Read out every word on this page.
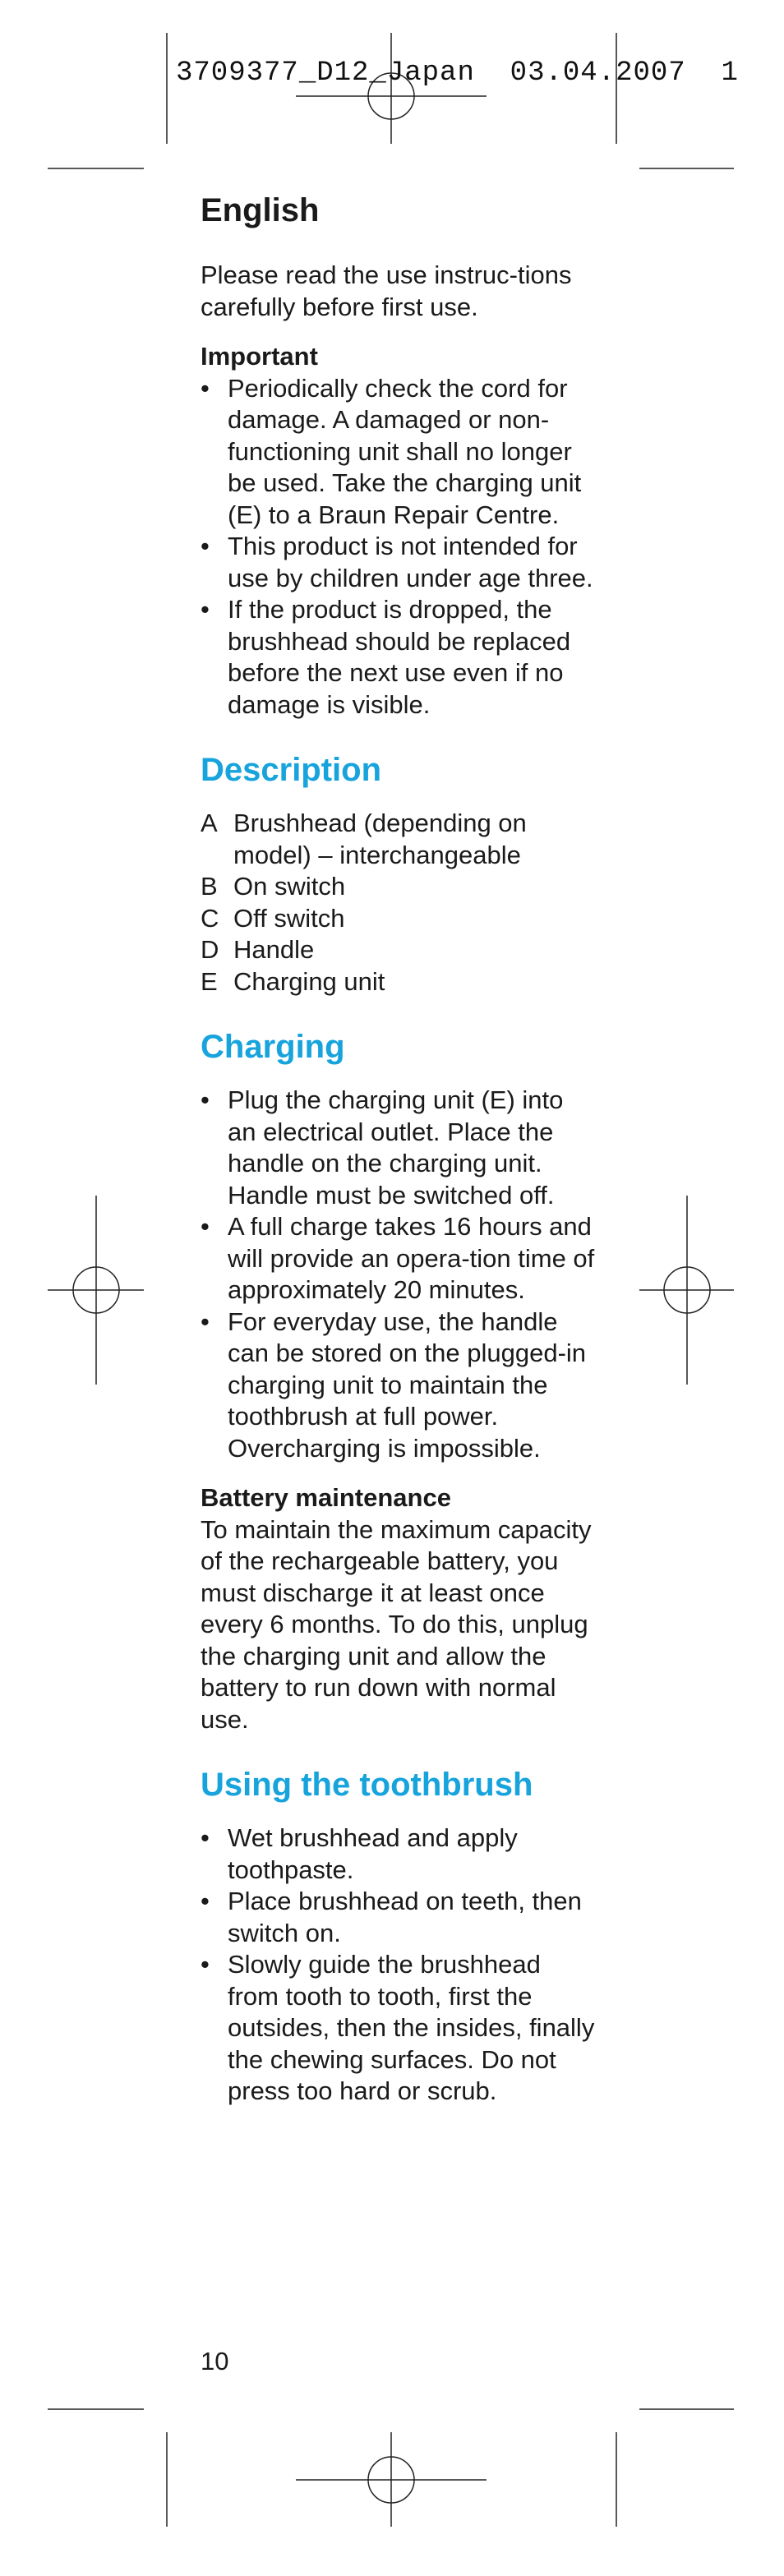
3709377_D12_Japan  03.04.2007  1
English

Please read the use instruc-tions carefully before first use.

Important
• Periodically check the cord for damage. A damaged or non-functioning unit shall no longer be used. Take the charging unit (E) to a Braun Repair Centre.
• This product is not intended for use by children under age three.
• If the product is dropped, the brushhead should be replaced before the next use even if no damage is visible.
Description
A Brushhead (depending on model) – interchangeable
B On switch
C Off switch
D Handle
E Charging unit
Charging
• Plug the charging unit (E) into an electrical outlet. Place the handle on the charging unit. Handle must be switched off.
• A full charge takes 16 hours and will provide an opera-tion time of approximately 20 minutes.
• For everyday use, the handle can be stored on the plugged-in charging unit to maintain the toothbrush at full power. Overcharging is impossible.
Battery maintenance

To maintain the maximum capacity of the rechargeable battery, you must discharge it at least once every 6 months. To do this, unplug the charging unit and allow the battery to run down with normal use.

Using the toothbrush
• Wet brushhead and apply toothpaste.
• Place brushhead on teeth, then switch on.
• Slowly guide the brushhead from tooth to tooth, first the outsides, then the insides, finally the chewing surfaces. Do not press too hard or scrub.
10
